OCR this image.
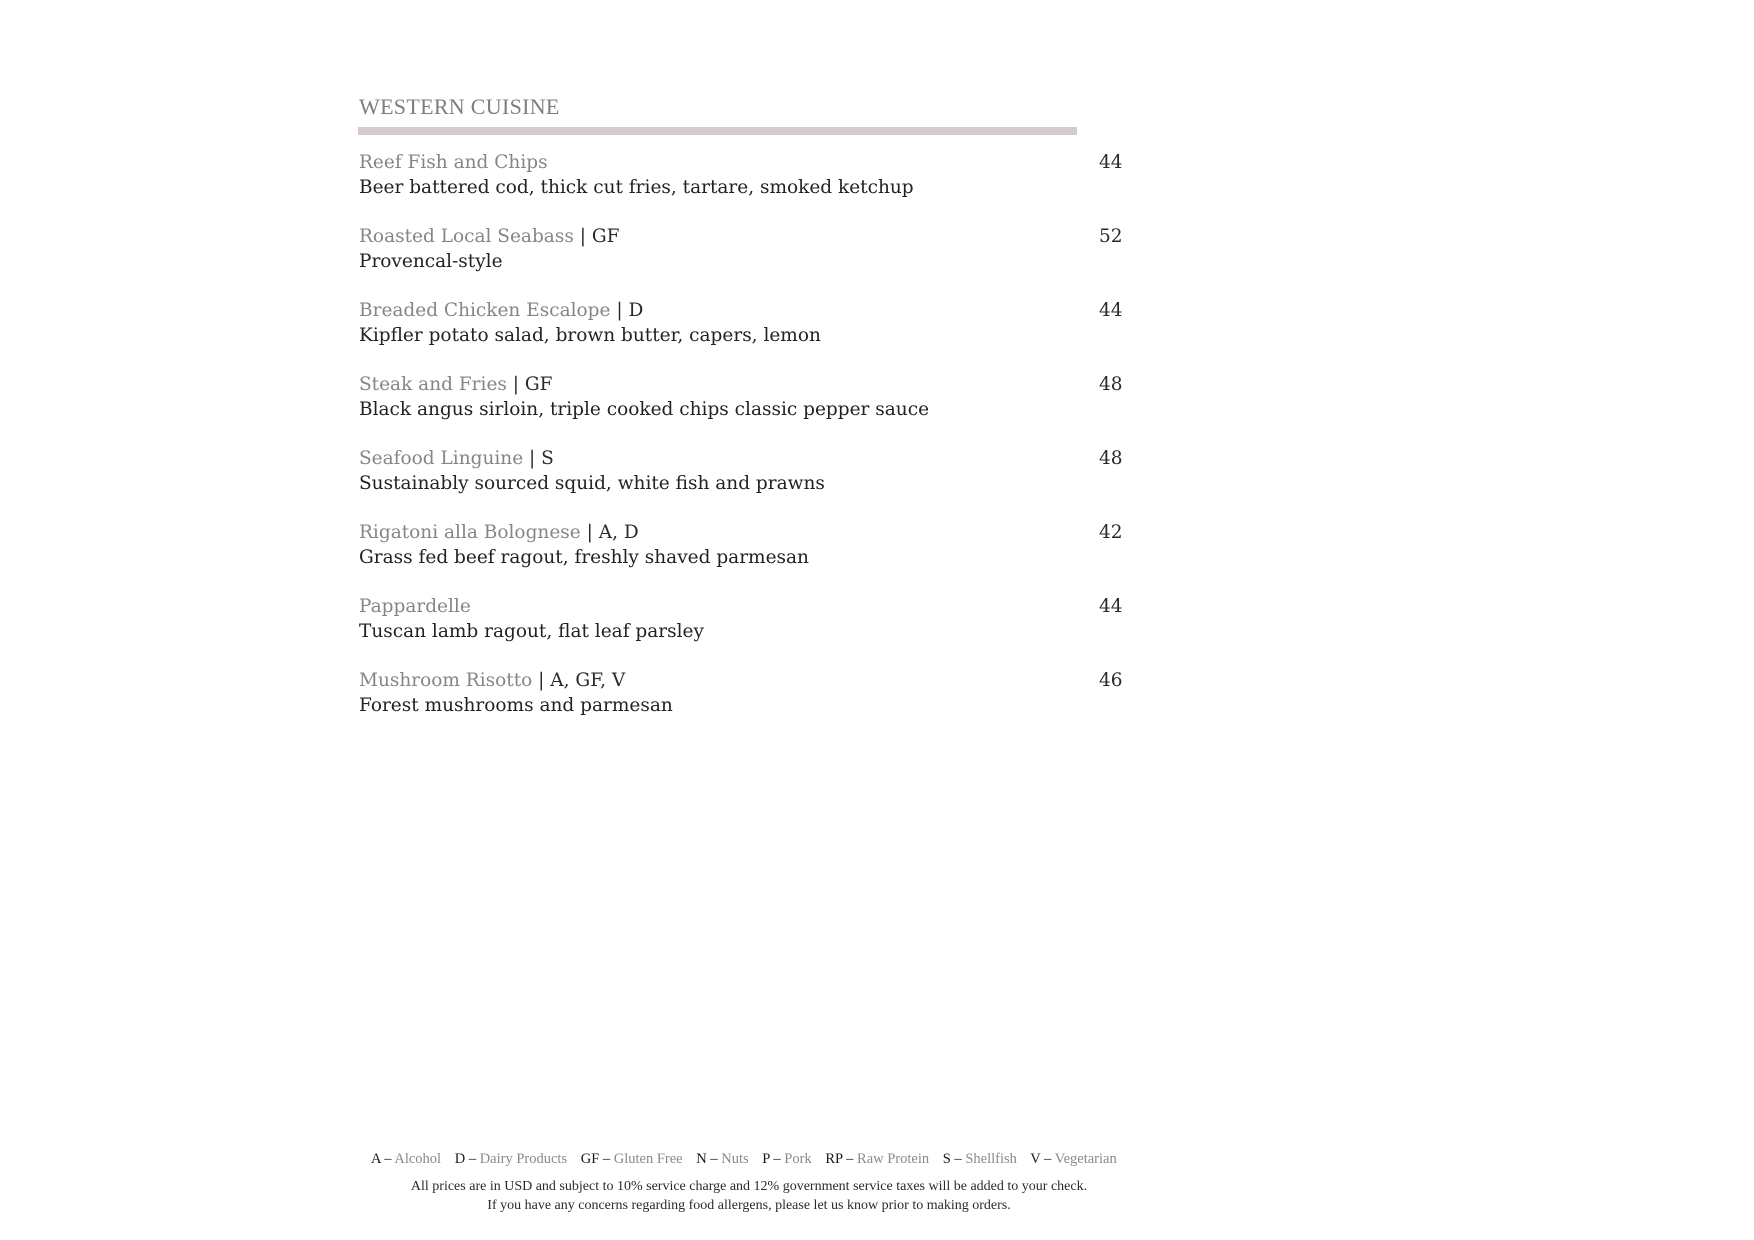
WESTERN CUISINE
Reef Fish and Chips
Beer battered cod, thick cut fries, tartare, smoked ketchup
44
Roasted Local Seabass | GF
Provencal-style
52
Breaded Chicken Escalope | D
Kipfler potato salad, brown butter, capers, lemon
44
Steak and Fries | GF
Black angus sirloin, triple cooked chips classic pepper sauce
48
Seafood Linguine | S
Sustainably sourced squid, white fish and prawns
48
Rigatoni alla Bolognese | A, D
Grass fed beef ragout, freshly shaved parmesan
42
Pappardelle
Tuscan lamb ragout, flat leaf parsley
44
Mushroom Risotto | A, GF, V
Forest mushrooms and parmesan
46
A – Alcohol D – Dairy Products GF – Gluten Free N – Nuts P – Pork RP – Raw Protein S – Shellfish V – Vegetarian

All prices are in USD and subject to 10% service charge and 12% government service taxes will be added to your check.

If you have any concerns regarding food allergens, please let us know prior to making orders.
